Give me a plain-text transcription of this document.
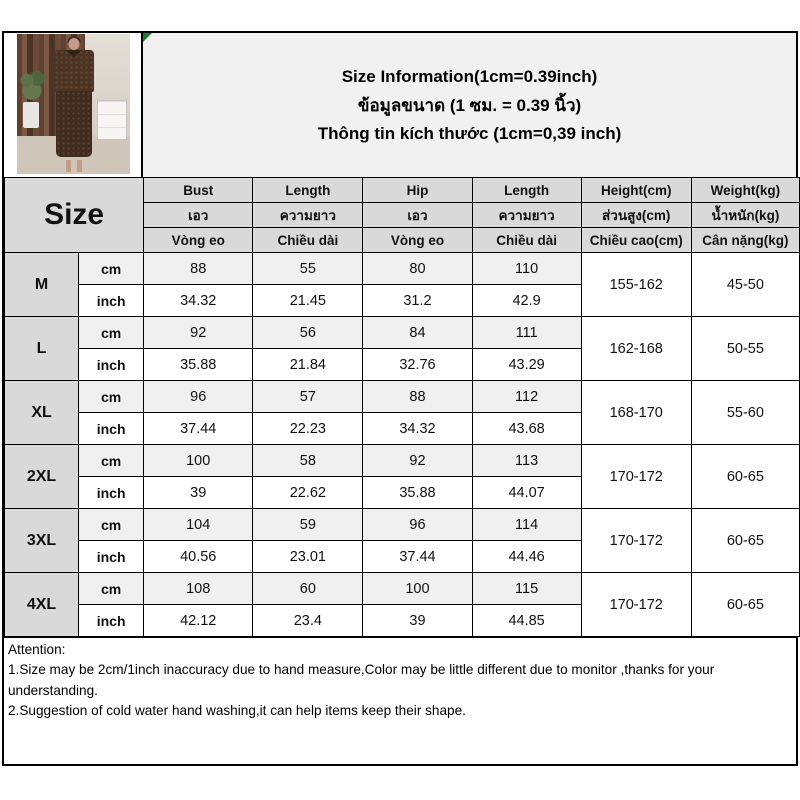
Size Information(1cm=0.39inch)
ข้อมูลขนาด (1 ซม. = 0.39 นิ้ว)
Thông tin kích thước (1cm=0,39 inch)
Size		Bust	Length	Hip	Length	Height(cm)	Weight(kg)
		เอว	ความยาว	เอว	ความยาว	ส่วนสูง(cm)	น้ำหนัก(kg)
		Vòng eo	Chiều dài	Vòng eo	Chiều dài	Chiều cao(cm)	Cân nặng(kg)
M	cm	88	55	80	110	155-162	45-50
	inch	34.32	21.45	31.2	42.9		
L	cm	92	56	84	111	162-168	50-55
	inch	35.88	21.84	32.76	43.29		
XL	cm	96	57	88	112	168-170	55-60
	inch	37.44	22.23	34.32	43.68		
2XL	cm	100	58	92	113	170-172	60-65
	inch	39	22.62	35.88	44.07		
3XL	cm	104	59	96	114	170-172	60-65
	inch	40.56	23.01	37.44	44.46		
4XL	cm	108	60	100	115	170-172	60-65
	inch	42.12	23.4	39	44.85		
Attention:
1.Size may be 2cm/1inch inaccuracy due to hand measure,Color may be little different due to monitor ,thanks for your understanding.
2.Suggestion of cold water hand washing,it can help items keep their shape.
